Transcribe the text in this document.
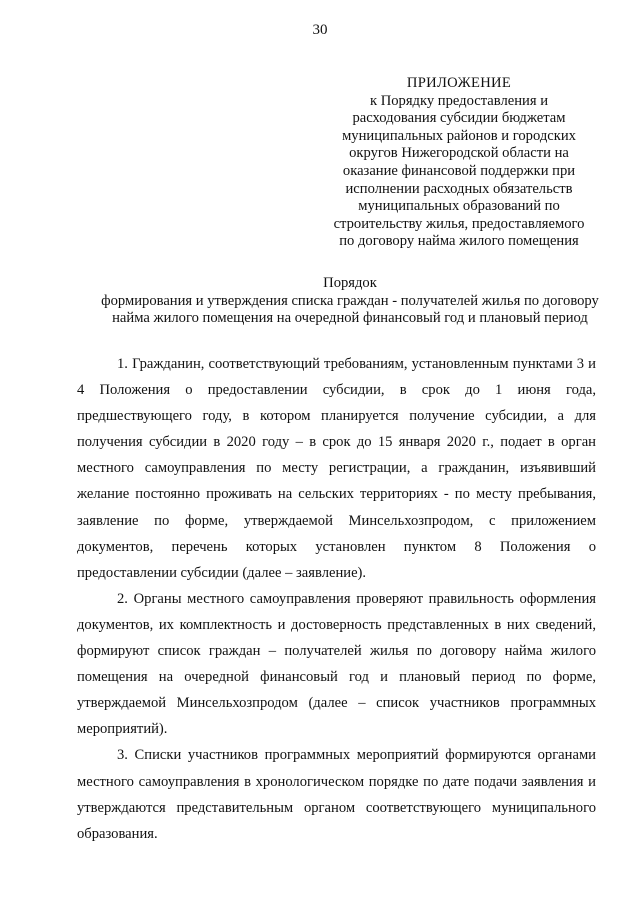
30
ПРИЛОЖЕНИЕ
к Порядку предоставления и
расходования субсидии бюджетам
муниципальных районов и городских
округов Нижегородской области на
оказание финансовой поддержки при
исполнении расходных обязательств
муниципальных образований по
строительству жилья, предоставляемого
по договору найма жилого помещения
Порядок
формирования и утверждения списка граждан - получателей жилья по договору
найма жилого помещения на очередной финансовый год и плановый период

1. Гражданин, соответствующий требованиям, установленным пунктами 3 и 4 Положения о предоставлении субсидии, в срок до 1 июня года, предшествующего году, в котором планируется получение субсидии, а для получения субсидии в 2020 году – в срок до 15 января 2020 г., подает в орган местного самоуправления по месту регистрации, а гражданин, изъявивший желание постоянно проживать на сельских территориях - по месту пребывания, заявление по форме, утверждаемой Минсельхозпродом, с приложением документов, перечень которых установлен пунктом 8 Положения о предоставлении субсидии (далее – заявление).

2. Органы местного самоуправления проверяют правильность оформления документов, их комплектность и достоверность представленных в них сведений, формируют список граждан – получателей жилья по договору найма жилого помещения на очередной финансовый год и плановый период по форме, утверждаемой Минсельхозпродом (далее – список участников программных мероприятий).

3. Списки участников программных мероприятий формируются органами местного самоуправления в хронологическом порядке по дате подачи заявления и утверждаются представительным органом соответствующего муниципального образования.
